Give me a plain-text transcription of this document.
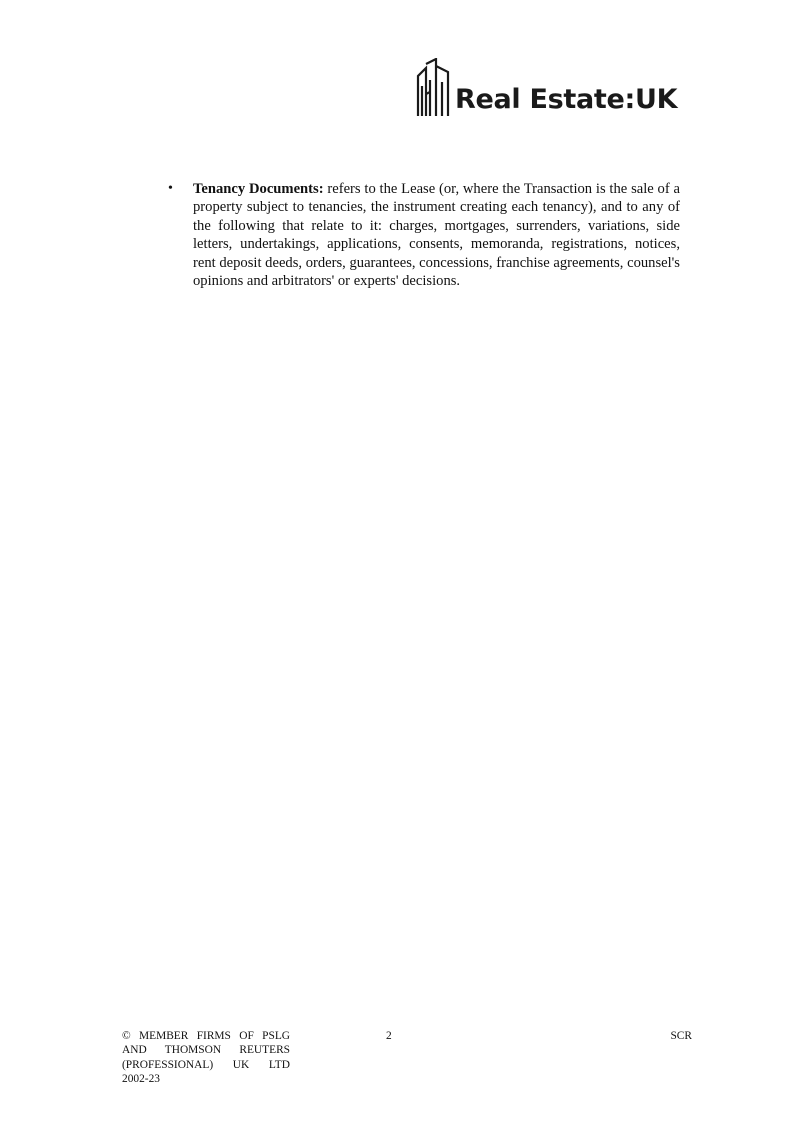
Real Estate:UK
• Tenancy Documents: refers to the Lease (or, where the Transaction is the sale of a property subject to tenancies, the instrument creating each tenancy), and to any of the following that relate to it: charges, mortgages, surrenders, variations, side letters, undertakings, applications, consents, memoranda, registrations, notices, rent deposit deeds, orders, guarantees, concessions, franchise agreements, counsel's opinions and arbitrators' or experts' decisions.
© MEMBER FIRMS OF PSLG
AND THOMSON REUTERS
(PROFESSIONAL) UK LTD
2002-23
2	SCR
